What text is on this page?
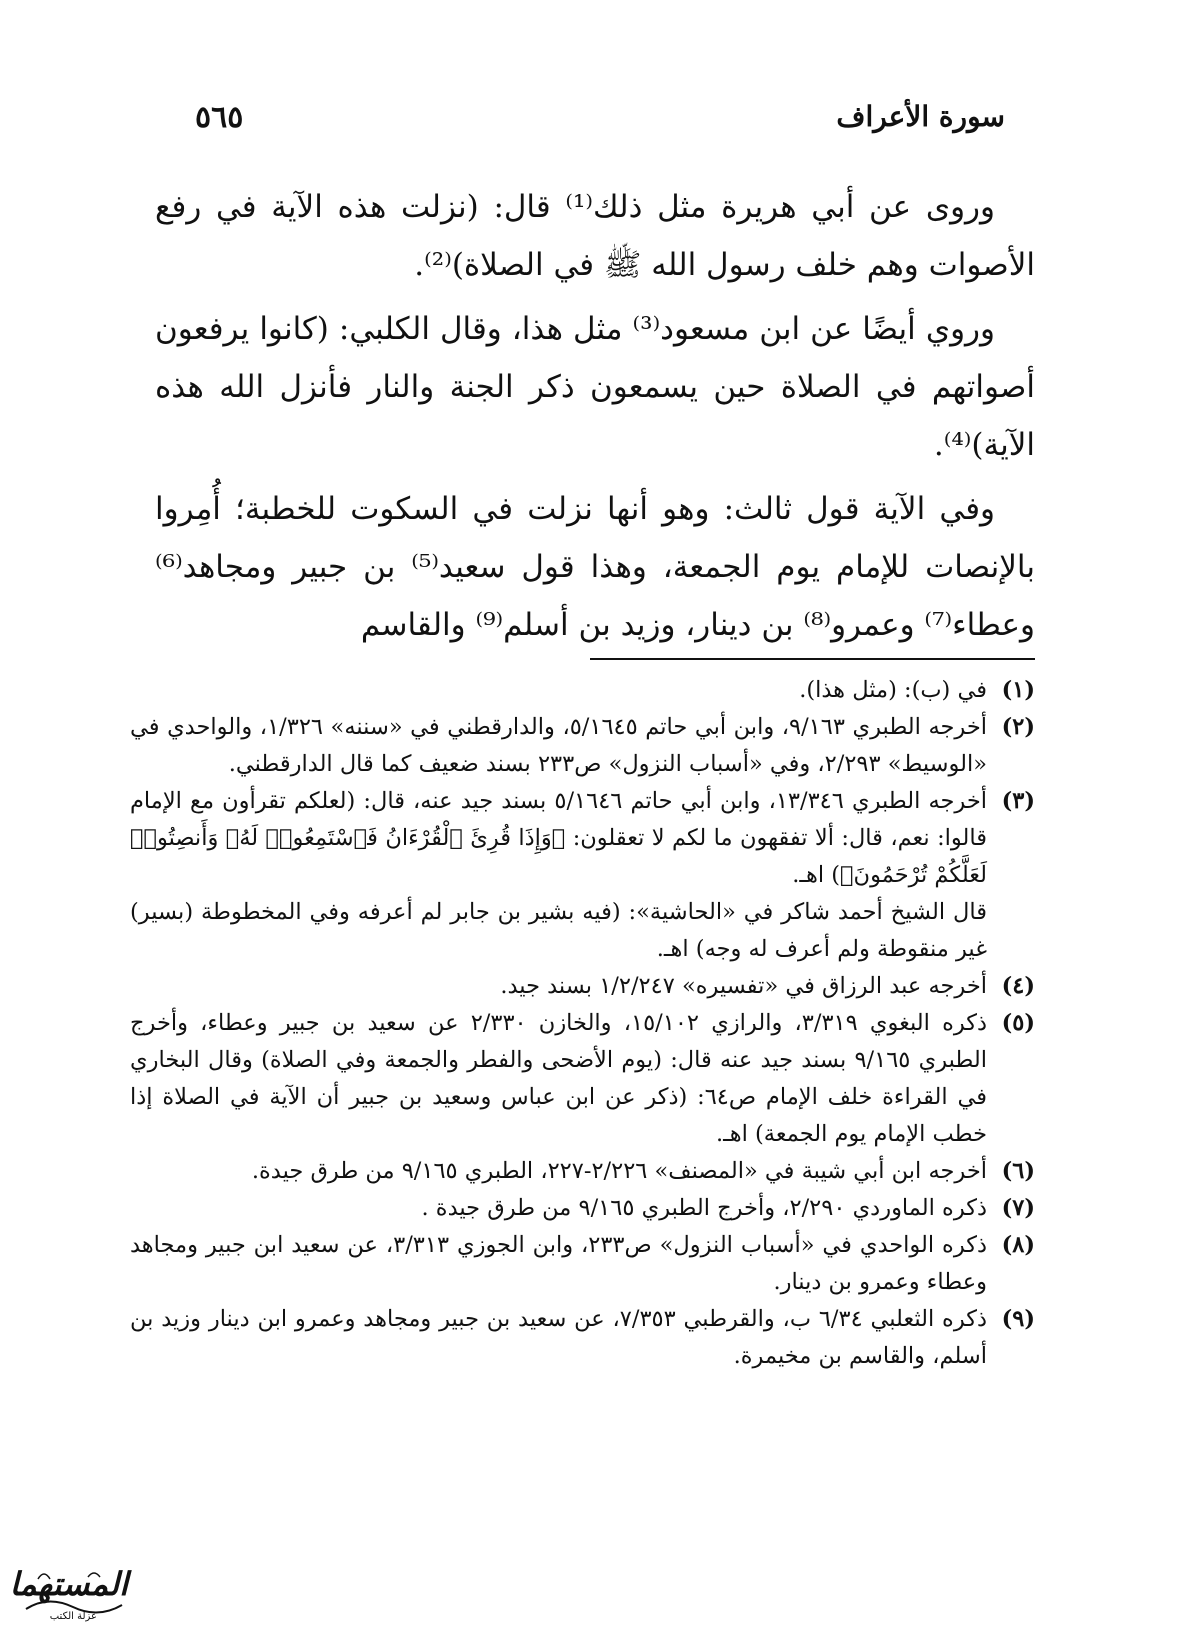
سورة الأعراف
٥٦٥

وروى عن أبي هريرة مثل ذلك⁽¹⁾ قال: (نزلت هذه الآية في رفع الأصوات وهم خلف رسول الله ﷺ في الصلاة)⁽²⁾.

وروي أيضًا عن ابن مسعود⁽³⁾ مثل هذا، وقال الكلبي: (كانوا يرفعون أصواتهم في الصلاة حين يسمعون ذكر الجنة والنار فأنزل الله هذه الآية)⁽⁴⁾.

وفي الآية قول ثالث: وهو أنها نزلت في السكوت للخطبة؛ أُمِروا بالإنصات للإمام يوم الجمعة، وهذا قول سعيد⁽⁵⁾ بن جبير ومجاهد⁽⁶⁾ وعطاء⁽⁷⁾ وعمرو⁽⁸⁾ بن دينار، وزيد بن أسلم⁽⁹⁾ والقاسم

(١)
في (ب): (مثل هذا).
(٢)
أخرجه الطبري ٩/١٦٣، وابن أبي حاتم ٥/١٦٤٥، والدارقطني في «سننه» ١/٣٢٦، والواحدي في «الوسيط» ٢/٢٩٣، وفي «أسباب النزول» ص٢٣٣ بسند ضعيف كما قال الدارقطني.
(٣)
أخرجه الطبري ١٣/٣٤٦، وابن أبي حاتم ٥/١٦٤٦ بسند جيد عنه، قال: (لعلكم تقرأون مع الإمام قالوا: نعم، قال: ألا تفقهون ما لكم لا تعقلون: ﴿وَإِذَا قُرِئَ ٱلْقُرْءَانُ فَٱسْتَمِعُوا۟ لَهُۥ وَأَنصِتُوا۟ لَعَلَّكُمْ تُرْحَمُونَ﴾) اهـ.

قال الشيخ أحمد شاكر في «الحاشية»: (فيه بشير بن جابر لم أعرفه وفي المخطوطة (بسير) غير منقوطة ولم أعرف له وجه) اهـ.

(٤)
أخرجه عبد الرزاق في «تفسيره» ١/٢/٢٤٧ بسند جيد.
(٥)
ذكره البغوي ٣/٣١٩، والرازي ١٥/١٠٢، والخازن ٢/٣٣٠ عن سعيد بن جبير وعطاء، وأخرج الطبري ٩/١٦٥ بسند جيد عنه قال: (يوم الأضحى والفطر والجمعة وفي الصلاة) وقال البخاري في القراءة خلف الإمام ص٦٤: (ذكر عن ابن عباس وسعيد بن جبير أن الآية في الصلاة إذا خطب الإمام يوم الجمعة) اهـ.
(٦)
أخرجه ابن أبي شيبة في «المصنف» ٢/٢٢٦-٢٢٧، الطبري ٩/١٦٥ من طرق جيدة.
(٧)
ذكره الماوردي ٢/٢٩٠، وأخرج الطبري ٩/١٦٥ من طرق جيدة .
(٨)
ذكره الواحدي في «أسباب النزول» ص٢٣٣، وابن الجوزي ٣/٣١٣، عن سعيد ابن جبير ومجاهد وعطاء وعمرو بن دينار.
(٩)
ذكره الثعلبي ٦/٣٤ ب، والقرطبي ٧/٣٥٣، عن سعيد بن جبير ومجاهد وعمرو ابن دينار وزيد بن أسلم، والقاسم بن مخيمرة.
المستهما
غزلة الكتب
